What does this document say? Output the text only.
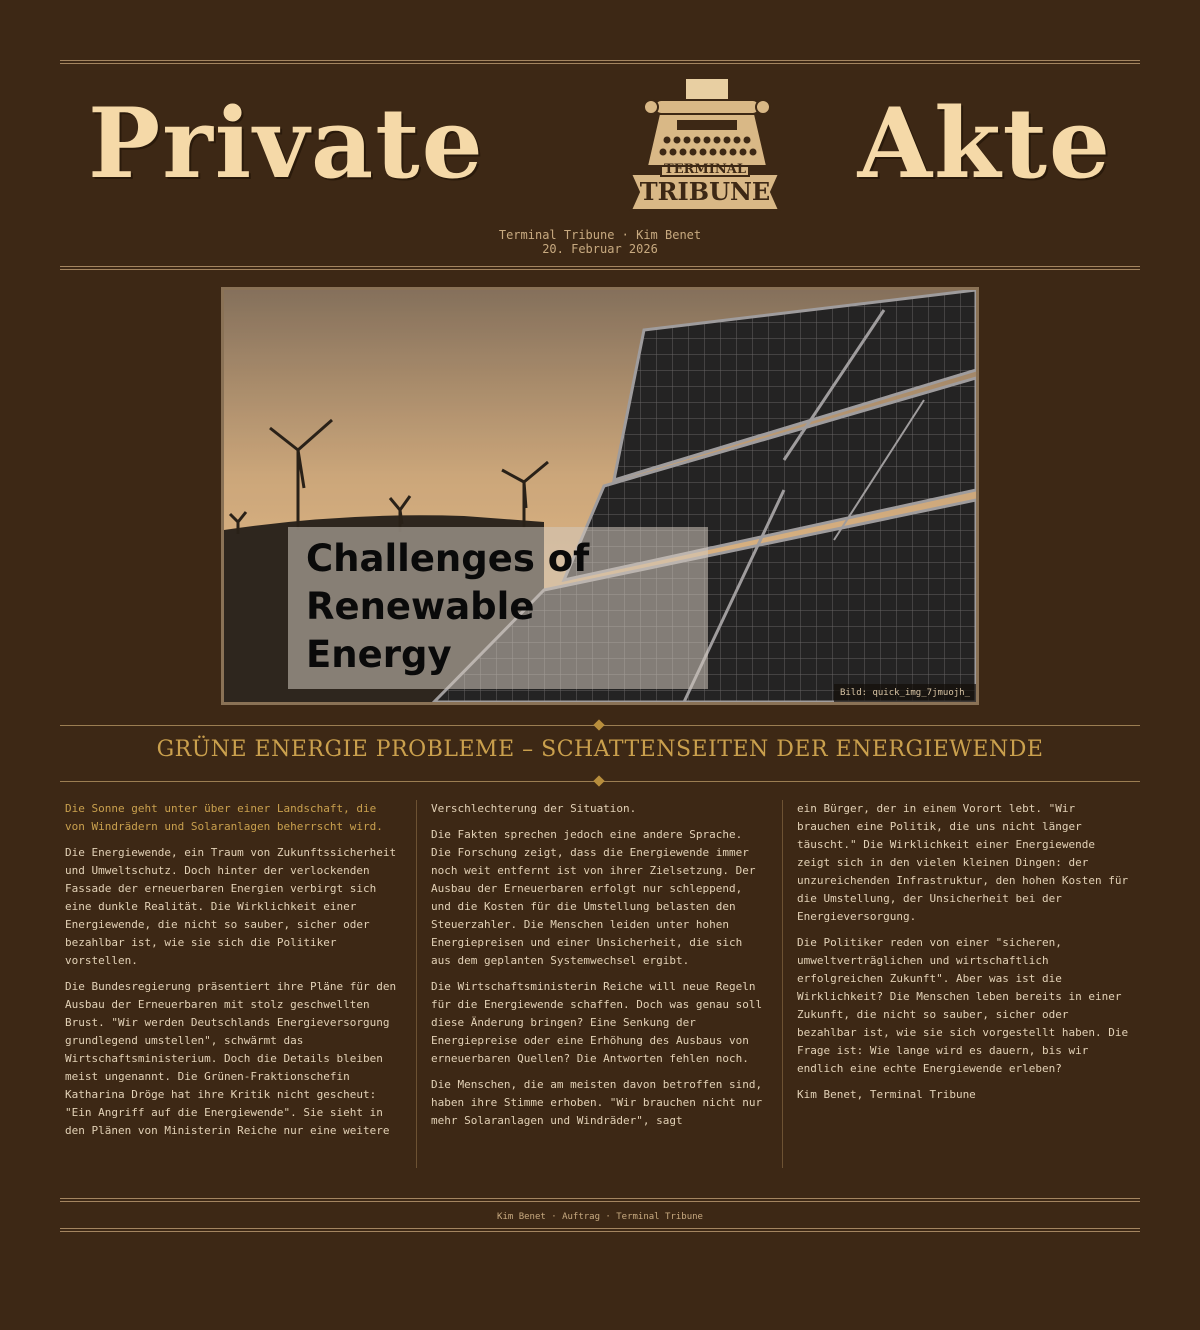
Private	TERMINAL
TRIBUNE Akte
Terminal Tribune · Kim Benet
20. Februar 2026
Challenges of Renewable Energy
Bild: quick_img_7jmuojh_
GRÜNE ENERGIE PROBLEME – SCHATTENSEITEN DER ENERGIEWENDE

Die Sonne geht unter über einer Landschaft, die von Windrädern und Solaranlagen beherrscht wird.

Die Energiewende, ein Traum von Zukunftssicherheit und Umweltschutz. Doch hinter der verlockenden Fassade der erneuerbaren Energien verbirgt sich eine dunkle Realität. Die Wirklichkeit einer Energiewende, die nicht so sauber, sicher oder bezahlbar ist, wie sie sich die Politiker vorstellen.

Die Bundesregierung präsentiert ihre Pläne für den Ausbau der Erneuerbaren mit stolz geschwellten Brust. "Wir werden Deutschlands Energieversorgung grundlegend umstellen", schwärmt das Wirtschaftsministerium. Doch die Details bleiben meist ungenannt. Die Grünen-Fraktionschefin Katharina Dröge hat ihre Kritik nicht gescheut: "Ein Angriff auf die Energiewende". Sie sieht in den Plänen von Ministerin Reiche nur eine weitere

Verschlechterung der Situation.

Die Fakten sprechen jedoch eine andere Sprache. Die Forschung zeigt, dass die Energiewende immer noch weit entfernt ist von ihrer Zielsetzung. Der Ausbau der Erneuerbaren erfolgt nur schleppend, und die Kosten für die Umstellung belasten den Steuerzahler. Die Menschen leiden unter hohen Energiepreisen und einer Unsicherheit, die sich aus dem geplanten Systemwechsel ergibt.

Die Wirtschaftsministerin Reiche will neue Regeln für die Energiewende schaffen. Doch was genau soll diese Änderung bringen? Eine Senkung der Energiepreise oder eine Erhöhung des Ausbaus von erneuerbaren Quellen? Die Antworten fehlen noch.

Die Menschen, die am meisten davon betroffen sind, haben ihre Stimme erhoben. "Wir brauchen nicht nur mehr Solaranlagen und Windräder", sagt

ein Bürger, der in einem Vorort lebt. "Wir brauchen eine Politik, die uns nicht länger täuscht." Die Wirklichkeit einer Energiewende zeigt sich in den vielen kleinen Dingen: der unzureichenden Infrastruktur, den hohen Kosten für die Umstellung, der Unsicherheit bei der Energieversorgung.

Die Politiker reden von einer "sicheren, umweltverträglichen und wirtschaftlich erfolgreichen Zukunft". Aber was ist die Wirklichkeit? Die Menschen leben bereits in einer Zukunft, die nicht so sauber, sicher oder bezahlbar ist, wie sie sich vorgestellt haben. Die Frage ist: Wie lange wird es dauern, bis wir endlich eine echte Energiewende erleben?

Kim Benet, Terminal Tribune

Kim Benet · Auftrag · Terminal Tribune
